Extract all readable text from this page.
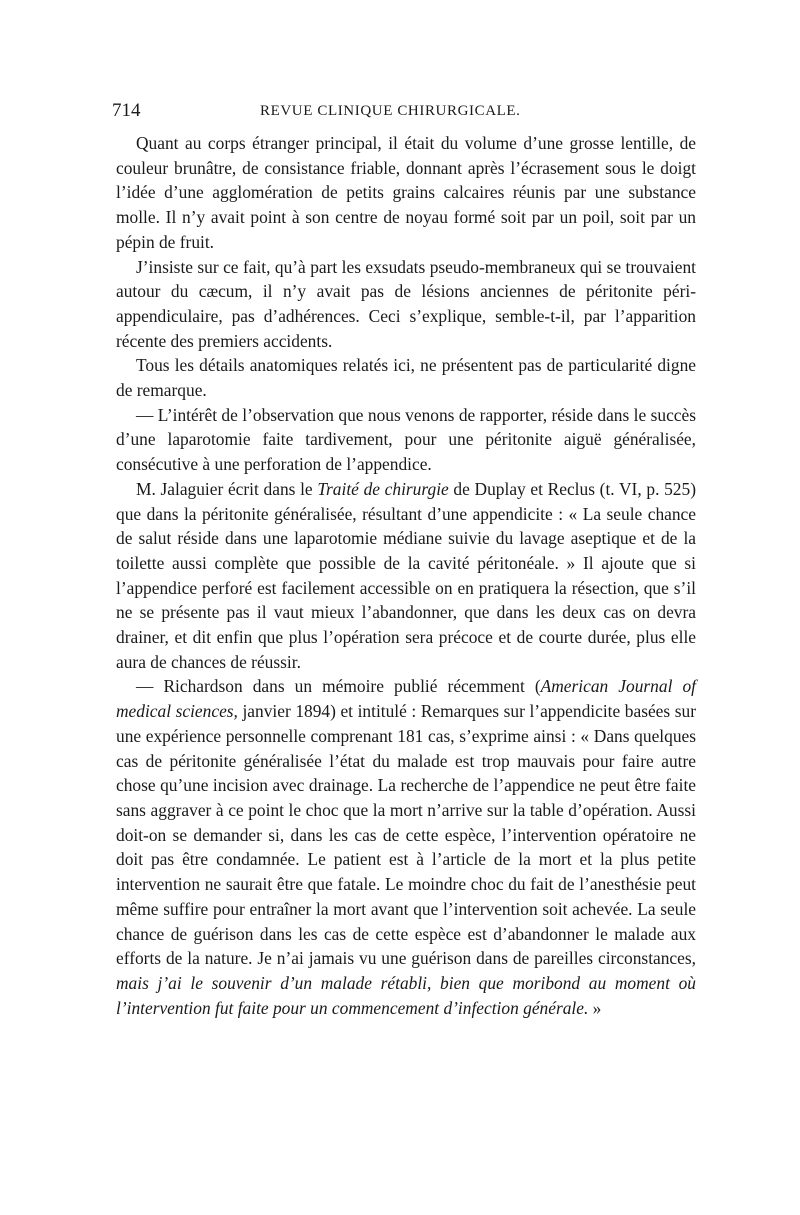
714	REVUE CLINIQUE CHIRURGICALE.

Quant au corps étranger principal, il était du volume d’une grosse lentille, de couleur brunâtre, de consistance friable, donnant après l’écrasement sous le doigt l’idée d’une agglomération de petits grains calcaires réunis par une substance molle. Il n’y avait point à son centre de noyau formé soit par un poil, soit par un pépin de fruit.

J’insiste sur ce fait, qu’à part les exsudats pseudo-membraneux qui se trouvaient autour du cæcum, il n’y avait pas de lésions anciennes de péritonite péri-appendiculaire, pas d’adhérences. Ceci s’explique, semble-t-il, par l’apparition récente des premiers accidents.

Tous les détails anatomiques relatés ici, ne présentent pas de particularité digne de remarque.

— L’intérêt de l’observation que nous venons de rapporter, réside dans le succès d’une laparotomie faite tardivement, pour une péritonite aiguë généralisée, consécutive à une perforation de l’appendice.

M. Jalaguier écrit dans le Traité de chirurgie de Duplay et Reclus (t. VI, p. 525) que dans la péritonite généralisée, résultant d’une appendicite : « La seule chance de salut réside dans une laparotomie médiane suivie du lavage aseptique et de la toilette aussi complète que possible de la cavité péritonéale. » Il ajoute que si l’appendice perforé est facilement accessible on en pratiquera la résection, que s’il ne se présente pas il vaut mieux l’abandonner, que dans les deux cas on devra drainer, et dit enfin que plus l’opération sera précoce et de courte durée, plus elle aura de chances de réussir.

— Richardson dans un mémoire publié récemment (American Journal of medical sciences, janvier 1894) et intitulé : Remarques sur l’appendicite basées sur une expérience personnelle comprenant 181 cas, s’exprime ainsi : « Dans quelques cas de péritonite généralisée l’état du malade est trop mauvais pour faire autre chose qu’une incision avec drainage. La recherche de l’appendice ne peut être faite sans aggraver à ce point le choc que la mort n’arrive sur la table d’opération. Aussi doit-on se demander si, dans les cas de cette espèce, l’intervention opératoire ne doit pas être condamnée. Le patient est à l’article de la mort et la plus petite intervention ne saurait être que fatale. Le moindre choc du fait de l’anesthésie peut même suffire pour entraîner la mort avant que l’intervention soit achevée. La seule chance de guérison dans les cas de cette espèce est d’abandonner le malade aux efforts de la nature. Je n’ai jamais vu une guérison dans de pareilles circonstances, mais j’ai le souvenir d’un malade rétabli, bien que moribond au moment où l’intervention fut faite pour un commencement d’infection générale. »
